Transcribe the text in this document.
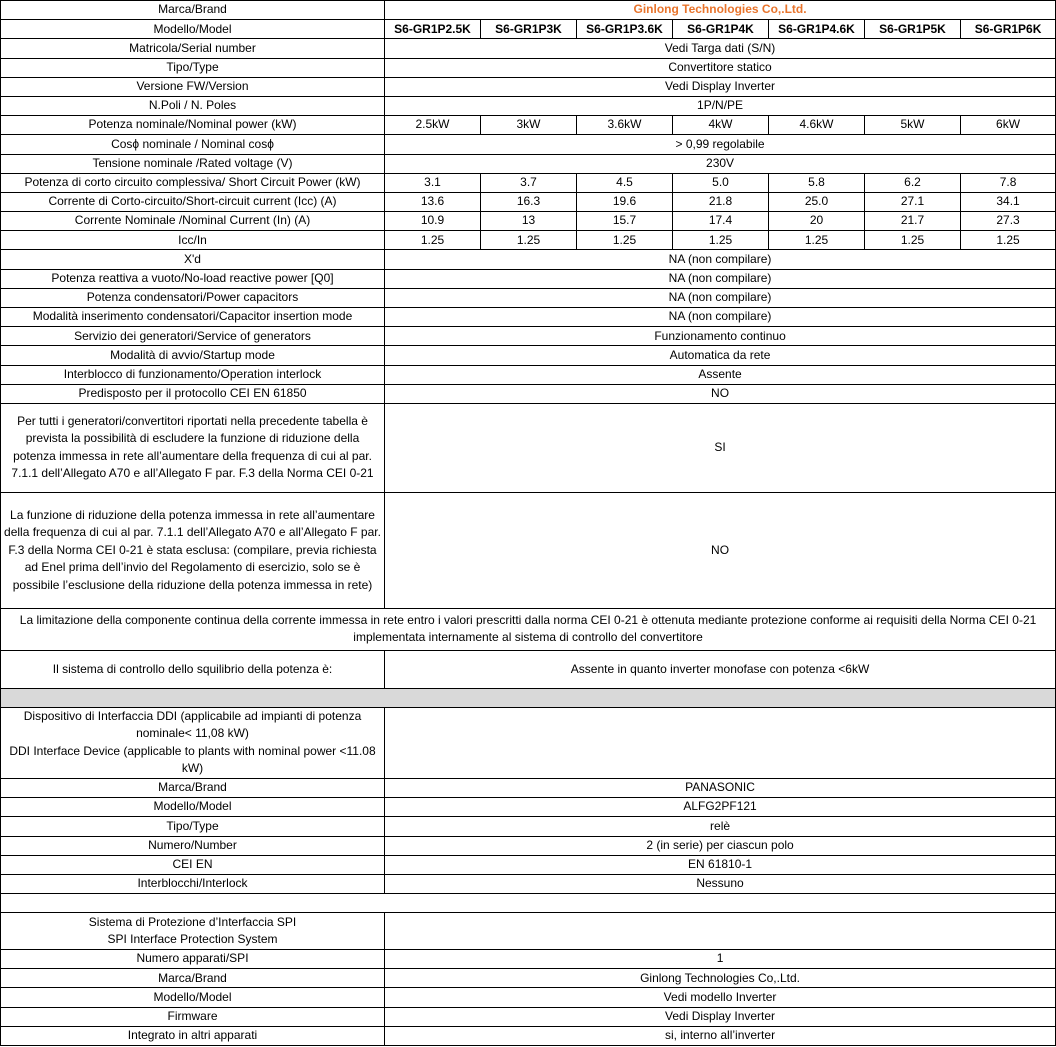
Marca/Brand	Ginlong Technologies Co,.Ltd.						
Modello/Model	S6-GR1P2.5K	S6-GR1P3K	S6-GR1P3.6K	S6-GR1P4K	S6-GR1P4.6K	S6-GR1P5K	S6-GR1P6K
Matricola/Serial number	Vedi Targa dati (S/N)						
Tipo/Type	Convertitore statico						
Versione FW/Version	Vedi Display Inverter						
N.Poli / N. Poles	1P/N/PE						
Potenza nominale/Nominal power (kW)	2.5kW	3kW	3.6kW	4kW	4.6kW	5kW	6kW
Cosϕ nominale / Nominal cosϕ	> 0,99 regolabile						
Tensione nominale /Rated voltage (V)	230V						
Potenza di corto circuito complessiva/ Short Circuit Power (kW)	3.1	3.7	4.5	5.0	5.8	6.2	7.8
Corrente di Corto-circuito/Short-circuit current (Icc) (A)	13.6	16.3	19.6	21.8	25.0	27.1	34.1
Corrente Nominale /Nominal Current (In) (A)	10.9	13	15.7	17.4	20	21.7	27.3
Icc/In	1.25	1.25	1.25	1.25	1.25	1.25	1.25
X'd	NA (non compilare)						
Potenza reattiva a vuoto/No-load reactive power [Q0]	NA (non compilare)						
Potenza condensatori/Power capacitors	NA (non compilare)						
Modalità inserimento condensatori/Capacitor insertion mode	NA (non compilare)						
Servizio dei generatori/Service of generators	Funzionamento continuo						
Modalità di avvio/Startup mode	Automatica da rete						
Interblocco di funzionamento/Operation interlock	Assente						
Predisposto per il protocollo CEI EN 61850	NO						
Per tutti i generatori/convertitori riportati nella precedente tabella è prevista la possibilità di escludere la funzione di riduzione della potenza immessa in rete all’aumentare della frequenza di cui al par. 7.1.1 dell’Allegato A70 e all’Allegato F par. F.3 della Norma CEI 0-21	SI						
La funzione di riduzione della potenza immessa in rete all’aumentare della frequenza di cui al par. 7.1.1 dell’Allegato A70 e all’Allegato F par. F.3 della Norma CEI 0-21 è stata esclusa: (compilare, previa richiesta ad Enel prima dell’invio del Regolamento di esercizio, solo se è possibile l’esclusione della riduzione della potenza immessa in rete)	NO						
La limitazione della componente continua della corrente immessa in rete entro i valori prescritti dalla norma CEI 0-21 è ottenuta mediante protezione conforme ai requisiti della Norma CEI 0-21 implementata internamente al sistema di controllo del convertitore							
Il sistema di controllo dello squilibrio della potenza è:	Assente in quanto inverter monofase con potenza <6kW						

Dispositivo di Interfaccia DDI (applicabile ad impianti di potenza nominale< 11,08 kW)
DDI Interface Device (applicable to plants with nominal power <11.08 kW)							

Marca/Brand	PANASONIC						
Modello/Model	ALFG2PF121						
Tipo/Type	relè						
Numero/Number	2 (in serie) per ciascun polo						
CEI EN	EN 61810-1						
Interblocchi/Interlock	Nessuno						

Sistema di Protezione d’Interfaccia SPI
SPI Interface Protection System							

Numero apparati/SPI	1						
Marca/Brand	Ginlong Technologies Co,.Ltd.						
Modello/Model	Vedi modello Inverter						
Firmware	Vedi Display Inverter						
Integrato in altri apparati	si, interno all’inverter						
